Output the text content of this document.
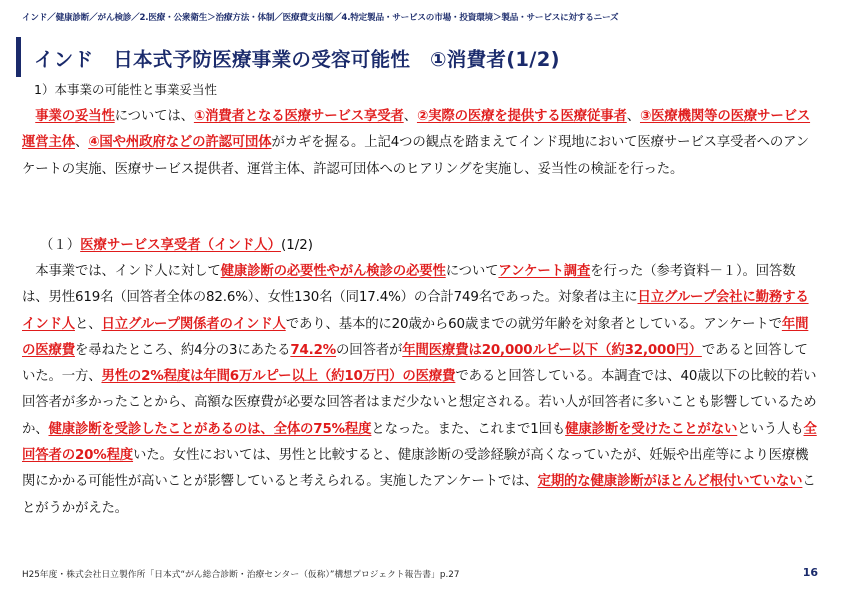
インド／健康診断／がん検診／2.医療・公衆衛生＞治療方法・体制／医療費支出額／4.特定製品・サービスの市場・投資環境＞製品・サービスに対するニーズ
インド　日本式予防医療事業の受容可能性　①消費者(1/2)
1）本事業の可能性と事業妥当性
　事業の妥当性については、①消費者となる医療サービス享受者、②実際の医療を提供する医療従事者、③医療機関等の医療サービス運営主体、④国や州政府などの許認可団体がカギを握る。上記4つの観点を踏まえてインド現地において医療サービス享受者へのアンケートの実施、医療サービス提供者、運営主体、許認可団体へのヒアリングを実施し、妥当性の検証を行った。
（１）医療サービス享受者（インド人）(1/2)
　本事業では、インド人に対して健康診断の必要性やがん検診の必要性についてアンケート調査を行った（参考資料－１）。回答数は、男性619名（回答者全体の82.6%）、女性130名（同17.4%）の合計749名であった。対象者は主に日立グループ会社に勤務するインド人と、日立グループ関係者のインド人であり、基本的に20歳から60歳までの就労年齢を対象者としている。アンケートで年間の医療費を尋ねたところ、約4分の3にあたる74.2%の回答者が年間医療費は20,000ルピー以下（約32,000円）であると回答していた。一方、男性の2%程度は年間6万ルピー以上（約10万円）の医療費であると回答している。本調査では、40歳以下の比較的若い回答者が多かったことから、高額な医療費が必要な回答者はまだ少ないと想定される。若い人が回答者に多いことも影響しているためか、健康診断を受診したことがあるのは、全体の75%程度となった。また、これまで1回も健康診断を受けたことがないという人も全回答者の20%程度いた。女性においては、男性と比較すると、健康診断の受診経験が高くなっていたが、妊娠や出産等により医療機関にかかる可能性が高いことが影響していると考えられる。実施したアンケートでは、定期的な健康診断がほとんど根付いていないことがうかがえた。
H25年度・株式会社日立製作所「日本式“がん総合診断・治療センター（仮称）”構想プロジェクト報告書」p.27	16
